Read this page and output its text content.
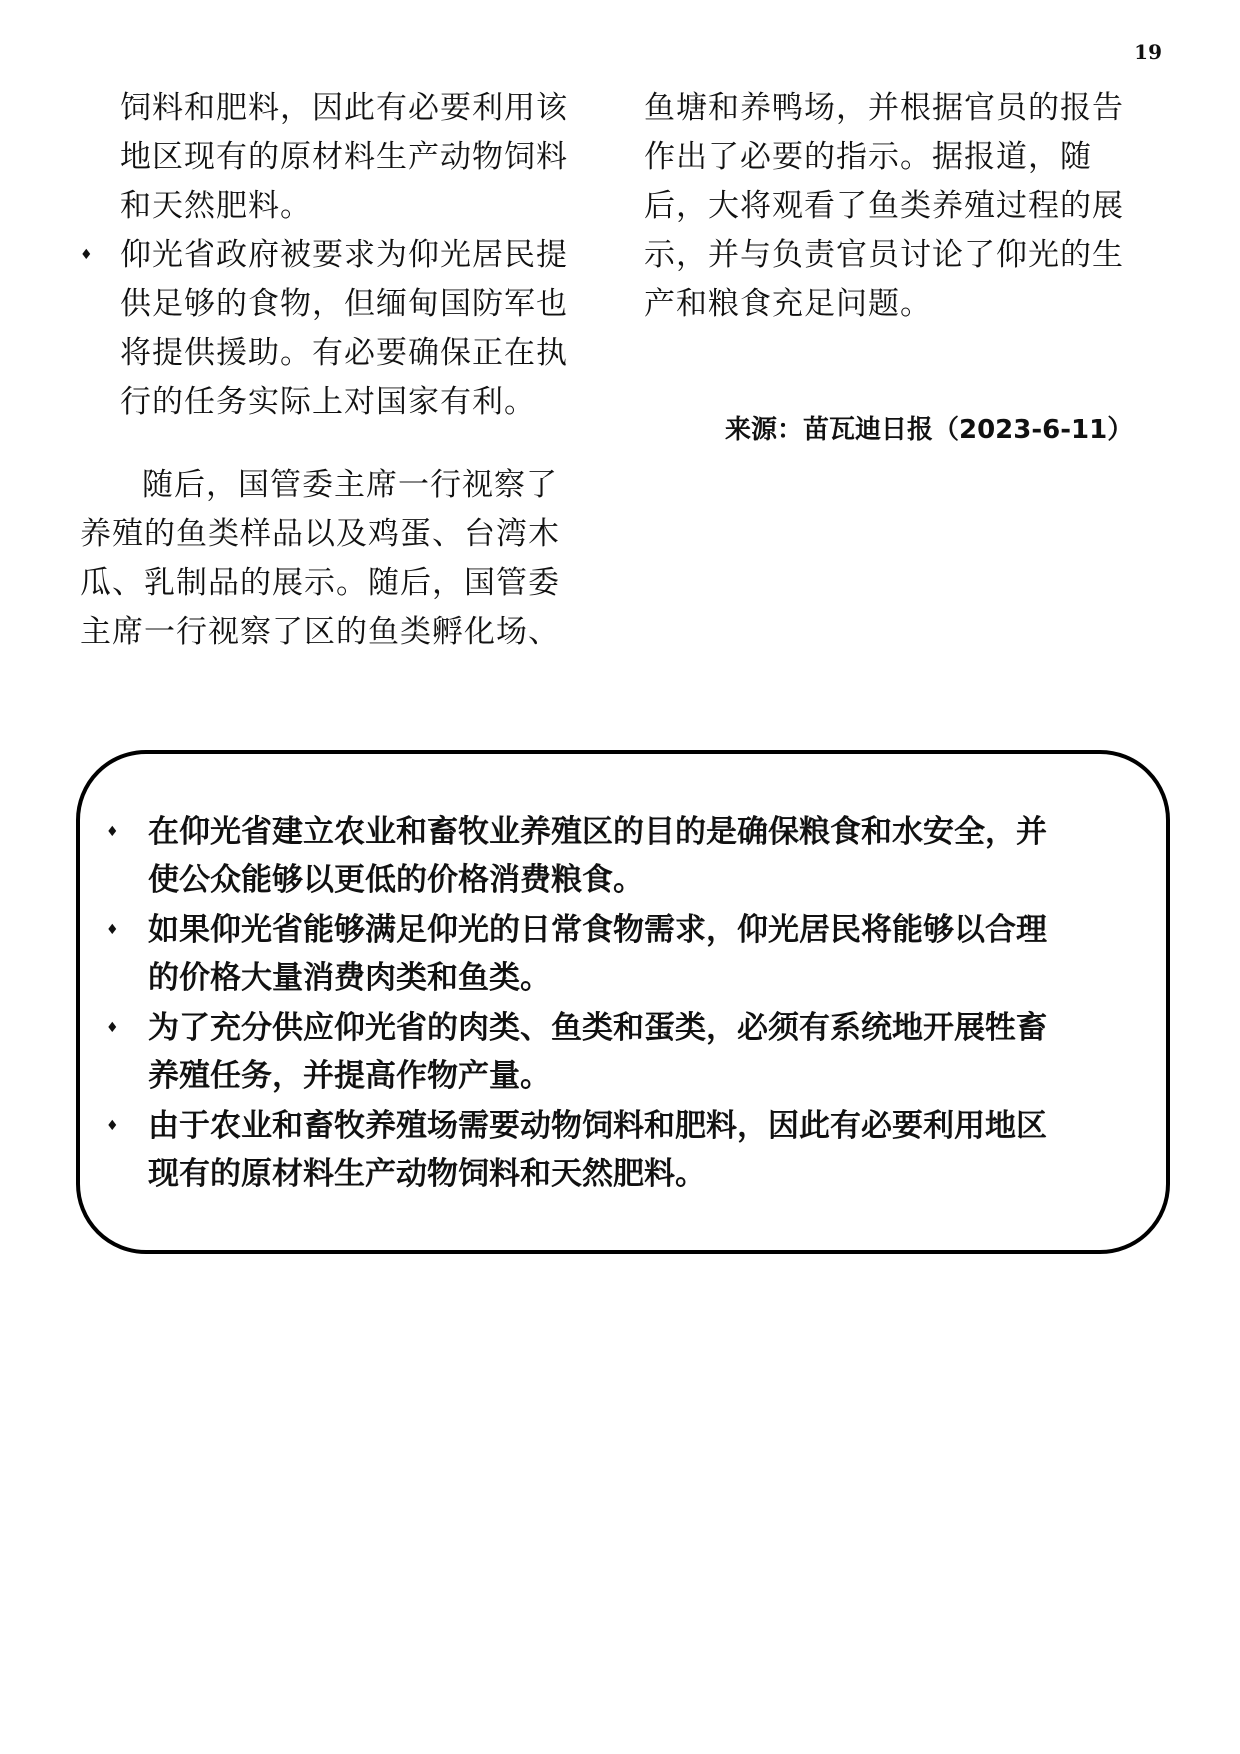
19
饲料和肥料，因此有必要利用该
地区现有的原材料生产动物饲料
和天然肥料。
♦ 仰光省政府被要求为仰光居民提
供足够的食物，但缅甸国防军也
将提供援助。有必要确保正在执
行的任务实际上对国家有利。
随后，国管委主席一行视察了
养殖的鱼类样品以及鸡蛋、台湾木
瓜、乳制品的展示。随后，国管委
主席一行视察了区的鱼类孵化场、
鱼塘和养鸭场，并根据官员的报告
作出了必要的指示。据报道，随
后，大将观看了鱼类养殖过程的展
示，并与负责官员讨论了仰光的生
产和粮食充足问题。
来源：苗瓦迪日报（2023-6-11）
♦ 在仰光省建立农业和畜牧业养殖区的目的是确保粮食和水安全，并
使公众能够以更低的价格消费粮食。
♦ 如果仰光省能够满足仰光的日常食物需求，仰光居民将能够以合理
的价格大量消费肉类和鱼类。
♦ 为了充分供应仰光省的肉类、鱼类和蛋类，必须有系统地开展牲畜
养殖任务，并提高作物产量。
♦ 由于农业和畜牧养殖场需要动物饲料和肥料，因此有必要利用地区
现有的原材料生产动物饲料和天然肥料。
